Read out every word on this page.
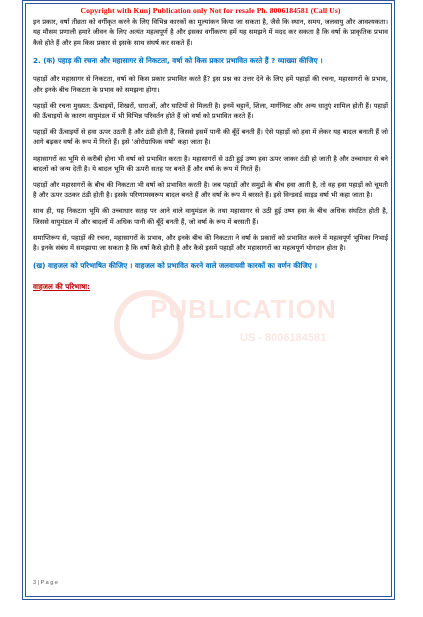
PUBLICATION
US - 8006184581
Copyright with Kunj Publication only Not for resale Ph. 8006184581 (Call Us)

इन प्रकार, वर्षा तीव्रता को वर्गीकृत करने के लिए विभिन्न कारकों का मूल्यांकन किया जा सकता है, जैसे कि स्थान, समय, जलवायु और आवश्यकता। यह मौसम प्रणाली हमारे जीवन के लिए अत्यंत महत्वपूर्ण है और इसका वर्गीकरण हमें यह समझने में मदद कर सकता है कि वर्षा के प्राकृतिक प्रभाव कैसे होते हैं और हम किस प्रकार से इसके साथ संघर्ष कर सकते हैं।

2. (क) पहाड़ की रचना और महासागर से निकटता, वर्षा को किस प्रकार प्रभावित करते हैं ? व्याख्या कीजिए ।

पहाड़ों और महासागर से निकटता, वर्षा को किस प्रकार प्रभावित करते हैं? इस प्रश्न का उत्तर देने के लिए हमें पहाड़ों की रचना, महासागरों के प्रभाव, और इनके बीच निकटता के प्रभाव को समझना होगा।

पहाड़ों की रचना मुख्यत: ऊँचाइयों, शिखरों, धाराओं, और घाटियों से मिलती है। इनमें चट्टानें, शिला, मार्गनिस्ट और अन्य धातुएं शामिल होती हैं। पहाड़ों की ऊँचाइयों के कारण वायुमंडल में भी विभिन्न परिवर्तन होते हैं जो वर्षा को प्रभावित करते हैं।

पहाड़ों की ऊँचाइयों से हवा ऊपर उठती है और ठंडी होती है, जिससे इसमें पानी की बूँदें बनती हैं। ऐसे पहाड़ों को हवा में लेकर यह बादल बनाती हैं जो आगे बढ़कर वर्षा के रूप में गिरते हैं। इसे 'ओरोग्राफिक वर्षा' कहा जाता है।

महासागरों का भूमि से करीबी होना भी वर्षा को प्रभावित करता है। महासागरों से उठी हुई उष्ण हवा ऊपर जाकर ठंडी हो जाती है और उच्चाधार से बने बादलों को जन्म देती है। ये बादल भूमि की ऊपरी सतह पर बनते हैं और वर्षा के रूप में गिरते हैं।

पहाड़ों और महासागरों के बीच की निकटता भी वर्षा को प्रभावित करती है। जब पहाड़ों और समुद्रों के बीच हवा आती है, तो वह हवा पहाड़ों को चूमती है और ऊपर उठकर ठंडी होती है। इसके परिणामस्वरूप बादल बनते हैं और वर्षा के रूप में बरसते हैं। इसे विन्डवर्ड साइड वर्षा भी कहा जाता है।

साथ ही, यह निकटता भूमि की उच्चाधार सतह पर आने वाले वायुमंडल के तथा महासागर से उठी हुई उष्ण हवा के बीच अधिक संघटित होती है, जिससे वायुमंडल में और बादलों में अधिक पानी की बूँदें बनती हैं, जो वर्षा के रूप में बरसती हैं।

समाप्तिरूप से, पहाड़ों की रचना, महासागरों के प्रभाव, और इनके बीच की निकटता ने वर्षा के प्रकारों को प्रभावित करने में महत्वपूर्ण भूमिका निभाई है। इनके संबंध में समझाया जा सकता है कि वर्षा कैसे होती है और कैसे इसमें पहाड़ों और महासागरों का महत्वपूर्ण योगदान होता है।

(ख) वाहजल को परिभाषित कीजिए । वाहजल को प्रभावित करने वाले जलवायवी कारकों का वर्णन कीजिए ।
वाहजल की परिभाषा:
3 | P a g e
